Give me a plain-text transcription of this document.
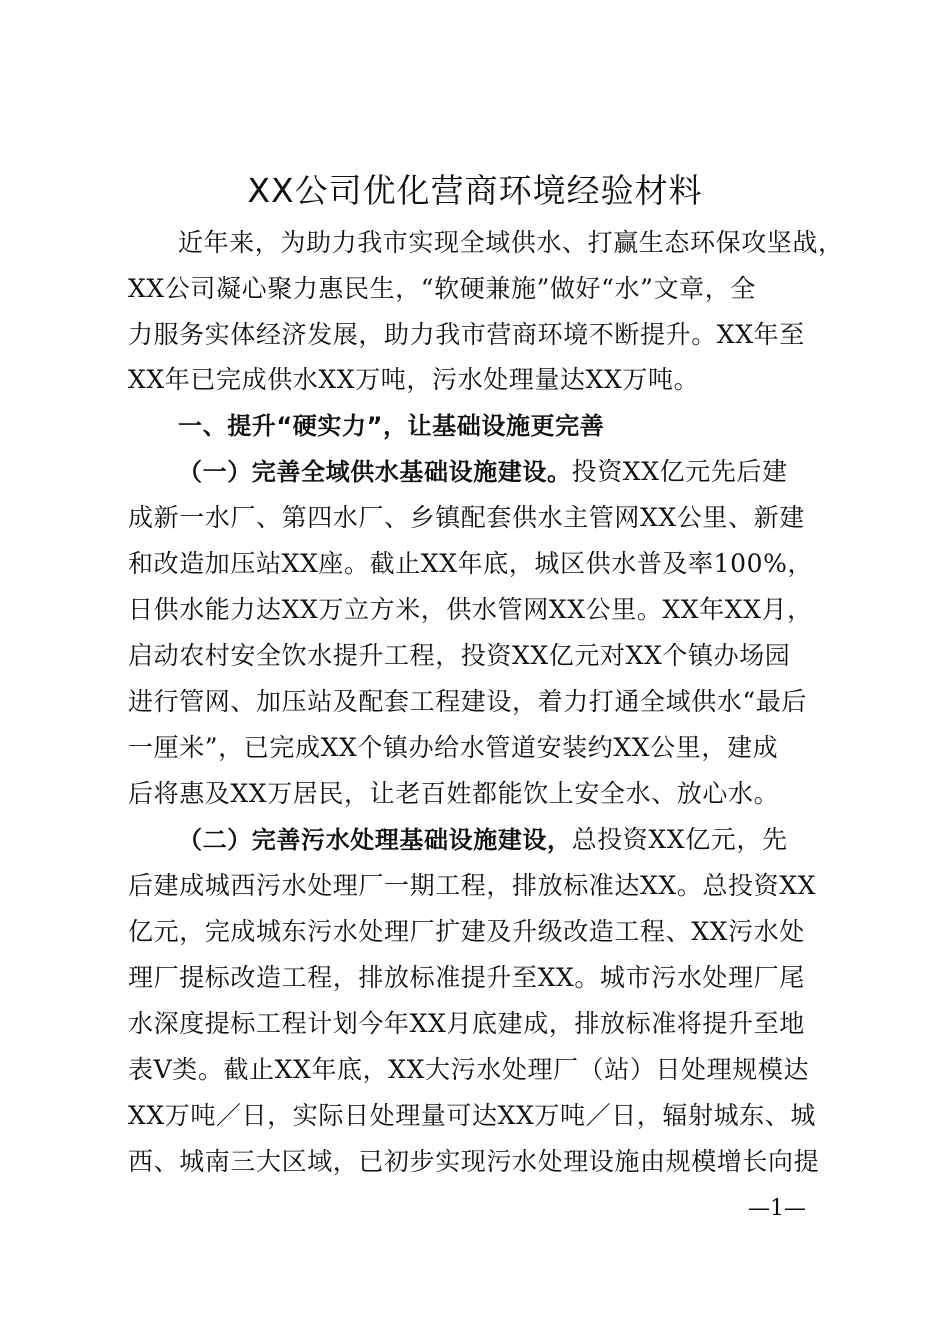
XX公司优化营商环境经验材料
近年来，为助力我市实现全域供水、打赢生态环保攻坚战，
XX公司凝心聚力惠民生，“软硬兼施”做好“水”文章，全
力服务实体经济发展，助力我市营商环境不断提升。XX年至
XX年已完成供水XX万吨，污水处理量达XX万吨。
一、提升“硬实力”，让基础设施更完善
（一）完善全域供水基础设施建设。投资XX亿元先后建
成新一水厂、第四水厂、乡镇配套供水主管网XX公里、新建
和改造加压站XX座。截止XX年底，城区供水普及率100%，
日供水能力达XX万立方米，供水管网XX公里。XX年XX月，
启动农村安全饮水提升工程，投资XX亿元对XX个镇办场园
进行管网、加压站及配套工程建设，着力打通全域供水“最后
一厘米”，已完成XX个镇办给水管道安装约XX公里，建成
后将惠及XX万居民，让老百姓都能饮上安全水、放心水。
（二）完善污水处理基础设施建设，总投资XX亿元，先
后建成城西污水处理厂一期工程，排放标准达XX。总投资XX
亿元，完成城东污水处理厂扩建及升级改造工程、XX污水处
理厂提标改造工程，排放标准提升至XX。城市污水处理厂尾
水深度提标工程计划今年XX月底建成，排放标准将提升至地
表Ⅴ类。截止XX年底，XX大污水处理厂（站）日处理规模达
XX万吨／日，实际日处理量可达XX万吨／日，辐射城东、城
西、城南三大区域，已初步实现污水处理设施由规模增长向提
—1—
